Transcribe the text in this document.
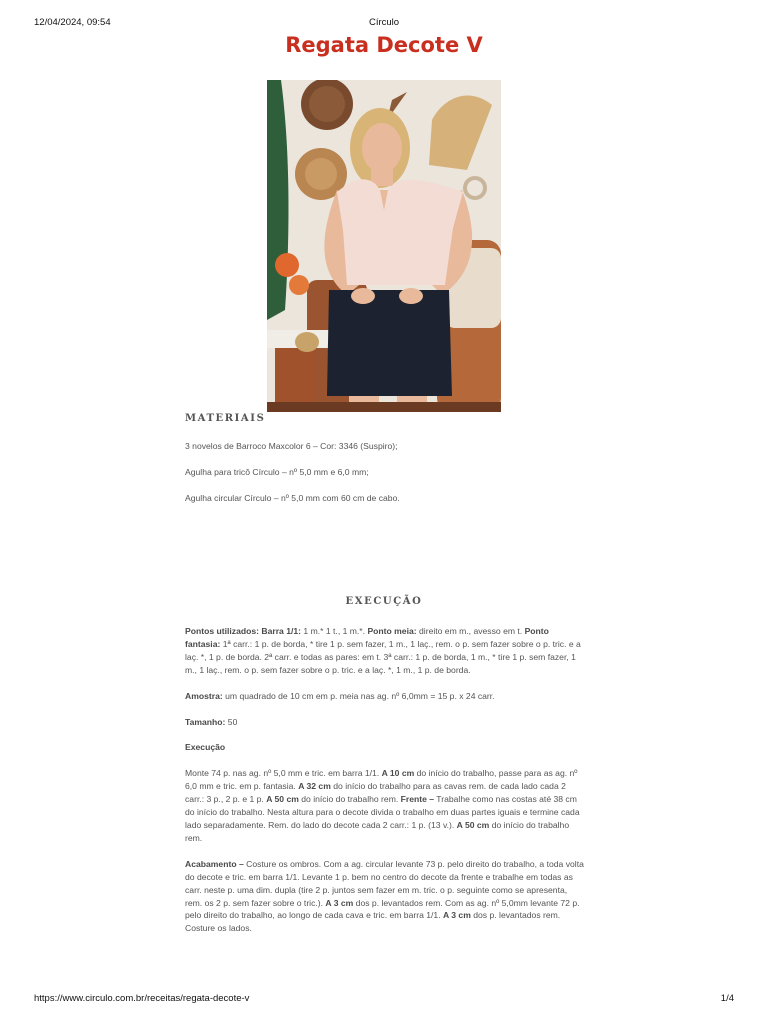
12/04/2024, 09:54	Círculo
Regata Decote V
MATERIAIS
3 novelos de Barroco Maxcolor 6 – Cor: 3346 (Suspiro);
Agulha para tricô Círculo – nº 5,0 mm e 6,0 mm;
Agulha circular Círculo – nº 5,0 mm com 60 cm de cabo.
EXECUÇÃO

Pontos utilizados: Barra 1/1: 1 m.* 1 t., 1 m.*. Ponto meia: direito em m., avesso em t. Ponto fantasia: 1ª carr.: 1 p. de borda, * tire 1 p. sem fazer, 1 m., 1 laç., rem. o p. sem fazer sobre o p. tric. e a laç. *, 1 p. de borda. 2ª carr. e todas as pares: em t. 3ª carr.: 1 p. de borda, 1 m., * tire 1 p. sem fazer, 1 m., 1 laç., rem. o p. sem fazer sobre o p. tric. e a laç. *, 1 m., 1 p. de borda.

Amostra: um quadrado de 10 cm em p. meia nas ag. nº 6,0mm = 15 p. x 24 carr.

Tamanho: 50

Execução

Monte 74 p. nas ag. nº 5,0 mm e tric. em barra 1/1. A 10 cm do início do trabalho, passe para as ag. nº 6,0 mm e tric. em p. fantasia. A 32 cm do início do trabalho para as cavas rem. de cada lado cada 2 carr.: 3 p., 2 p. e 1 p. A 50 cm do início do trabalho rem. Frente – Trabalhe como nas costas até 38 cm do início do trabalho. Nesta altura para o decote divida o trabalho em duas partes iguais e termine cada lado separadamente. Rem. do lado do decote cada 2 carr.: 1 p. (13 v.). A 50 cm do início do trabalho rem.

Acabamento – Costure os ombros. Com a ag. circular levante 73 p. pelo direito do trabalho, a toda volta do decote e tric. em barra 1/1. Levante 1 p. bem no centro do decote da frente e trabalhe em todas as carr. neste p. uma dim. dupla (tire 2 p. juntos sem fazer em m. tric. o p. seguinte como se apresenta, rem. os 2 p. sem fazer sobre o tric.). A 3 cm dos p. levantados rem. Com as ag. nº 5,0mm levante 72 p. pelo direito do trabalho, ao longo de cada cava e tric. em barra 1/1. A 3 cm dos p. levantados rem. Costure os lados.

https://www.circulo.com.br/receitas/regata-decote-v	1/4
